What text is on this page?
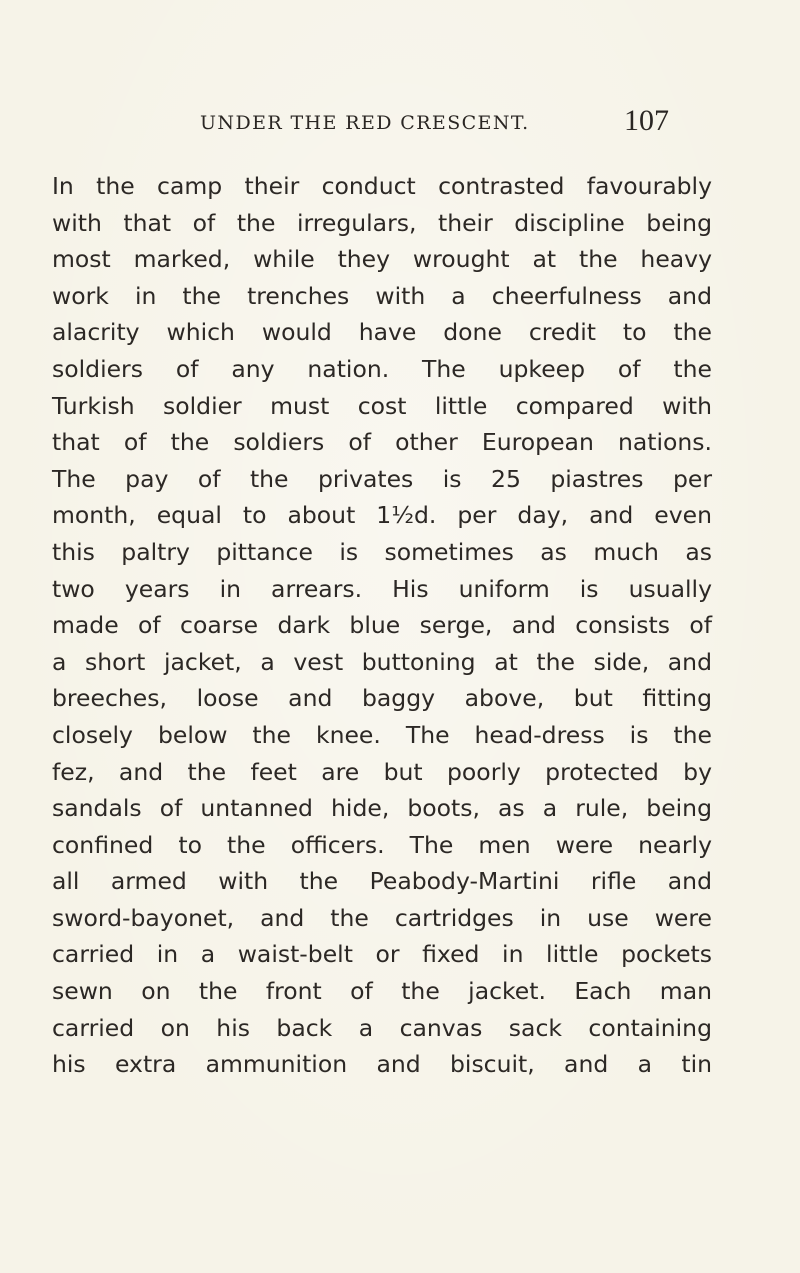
UNDER THE RED CRESCENT.	107
In the camp their conduct contrasted favourably
with that of the irregulars, their discipline being
most marked, while they wrought at the heavy
work in the trenches with a cheerfulness and
alacrity which would have done credit to the
soldiers of any nation. The upkeep of the
Turkish soldier must cost little compared with
that of the soldiers of other European nations.
The pay of the privates is 25 piastres per
month, equal to about 1½d. per day, and even
this paltry pittance is sometimes as much as
two years in arrears. His uniform is usually
made of coarse dark blue serge, and consists of
a short jacket, a vest buttoning at the side, and
breeches, loose and baggy above, but fitting
closely below the knee. The head-dress is the
fez, and the feet are but poorly protected by
sandals of untanned hide, boots, as a rule, being
confined to the officers. The men were nearly
all armed with the Peabody-Martini rifle and
sword-bayonet, and the cartridges in use were
carried in a waist-belt or fixed in little pockets
sewn on the front of the jacket. Each man
carried on his back a canvas sack containing
his extra ammunition and biscuit, and a tin
